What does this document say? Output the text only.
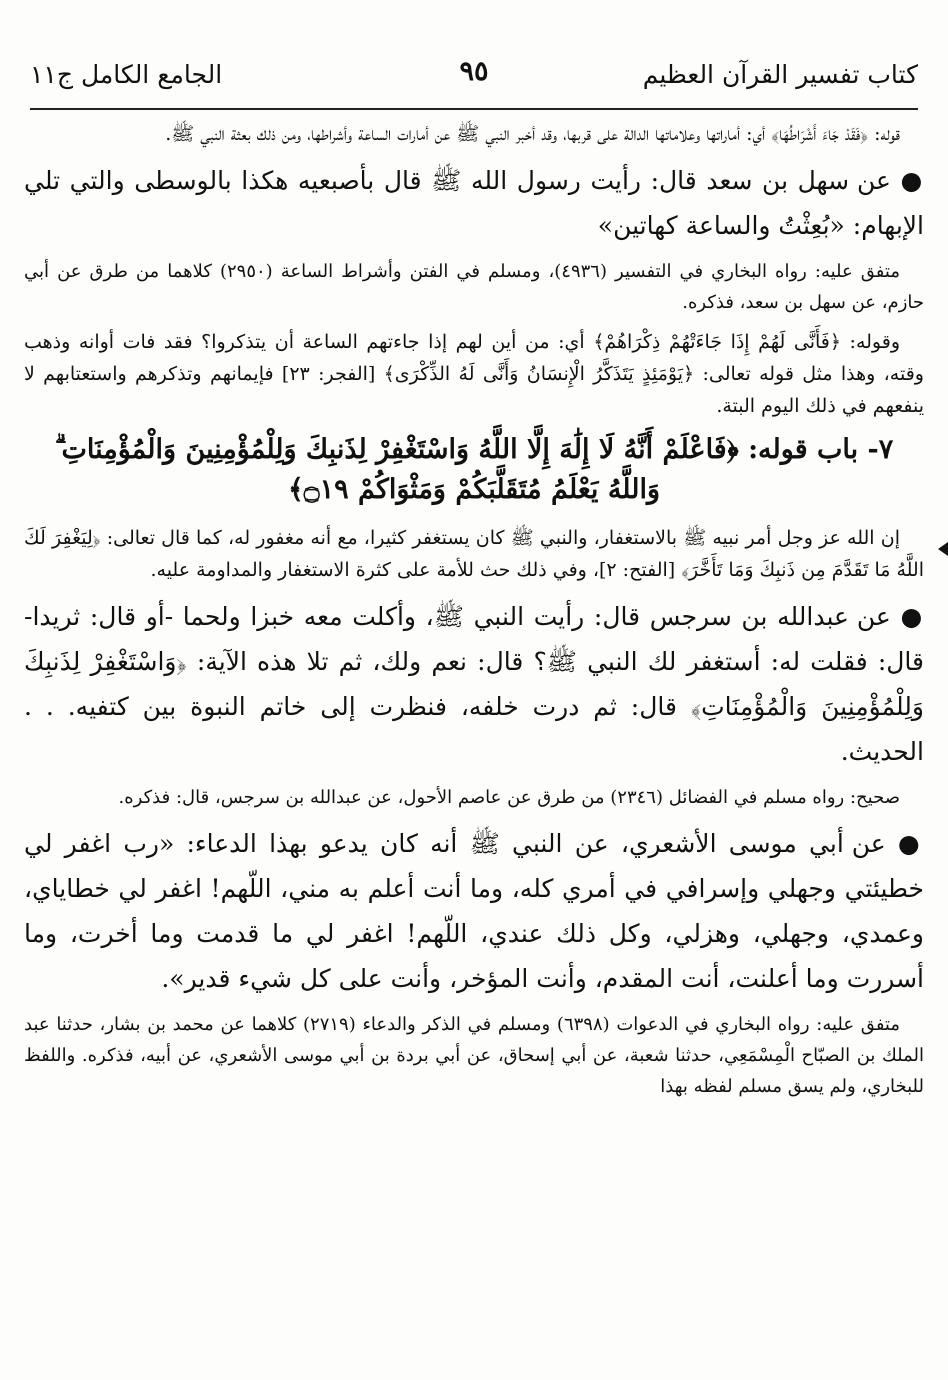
كتاب تفسير القرآن العظيم
٩٥
الجامع الكامل ج١١

قوله: ﴿فَقَدْ جَاءَ أَشْرَاطُهَا﴾ أي: أماراتها وعلاماتها الدالة على قربها، وقد أخبر النبي ﷺ عن أمارات الساعة وأشراطها، ومن ذلك بعثة النبي ﷺ.

● عن سهل بن سعد قال: رأيت رسول الله ﷺ قال بأصبعيه هكذا بالوسطى والتي تلي الإبهام: «بُعِثْتُ والساعة كهاتين»

متفق عليه: رواه البخاري في التفسير (٤٩٣٦)، ومسلم في الفتن وأشراط الساعة (٢٩٥٠) كلاهما من طرق عن أبي حازم، عن سهل بن سعد، فذكره.

وقوله: ﴿فَأَنَّى لَهُمْ إِذَا جَاءَتْهُمْ ذِكْرَاهُمْ﴾ أي: من أين لهم إذا جاءتهم الساعة أن يتذكروا؟ فقد فات أوانه وذهب وقته، وهذا مثل قوله تعالى: ﴿يَوْمَئِذٍ يَتَذَكَّرُ الْإِنسَانُ وَأَنَّى لَهُ الذِّكْرَى﴾ [الفجر: ٢٣] فإيمانهم وتذكرهم واستعتابهم لا ينفعهم في ذلك اليوم البتة.

٧- باب قوله: ﴿فَاعْلَمْ أَنَّهُ لَا إِلَٰهَ إِلَّا اللَّهُ وَاسْتَغْفِرْ لِذَنبِكَ وَلِلْمُؤْمِنِينَ وَالْمُؤْمِنَاتِ ۗ وَاللَّهُ يَعْلَمُ مُتَقَلَّبَكُمْ وَمَثْوَاكُمْ ۝١٩﴾

إن الله عز وجل أمر نبيه ﷺ بالاستغفار، والنبي ﷺ كان يستغفر كثيرا، مع أنه مغفور له، كما قال تعالى: ﴿لِيَغْفِرَ لَكَ اللَّهُ مَا تَقَدَّمَ مِن ذَنبِكَ وَمَا تَأَخَّرَ﴾ [الفتح: ٢]، وفي ذلك حث للأمة على كثرة الاستغفار والمداومة عليه.

● عن عبدالله بن سرجس قال: رأيت النبي ﷺ، وأكلت معه خبزا ولحما -أو قال: ثريدا- قال: فقلت له: أستغفر لك النبي ﷺ؟ قال: نعم ولك، ثم تلا هذه الآية: ﴿وَاسْتَغْفِرْ لِذَنبِكَ وَلِلْمُؤْمِنِينَ وَالْمُؤْمِنَاتِ﴾ قال: ثم درت خلفه، فنظرت إلى خاتم النبوة بين كتفيه. . . الحديث.

صحيح: رواه مسلم في الفضائل (٢٣٤٦) من طرق عن عاصم الأحول، عن عبدالله بن سرجس، قال: فذكره.

● عن أبي موسى الأشعري، عن النبي ﷺ أنه كان يدعو بهذا الدعاء: «رب اغفر لي خطيئتي وجهلي وإسرافي في أمري كله، وما أنت أعلم به مني، اللّهم! اغفر لي خطاياي، وعمدي، وجهلي، وهزلي، وكل ذلك عندي، اللّهم! اغفر لي ما قدمت وما أخرت، وما أسررت وما أعلنت، أنت المقدم، وأنت المؤخر، وأنت على كل شيء قدير».

متفق عليه: رواه البخاري في الدعوات (٦٣٩٨) ومسلم في الذكر والدعاء (٢٧١٩) كلاهما عن محمد بن بشار، حدثنا عبد الملك بن الصبّاح الْمِسْمَعِي، حدثنا شعبة، عن أبي إسحاق، عن أبي بردة بن أبي موسى الأشعري، عن أبيه، فذكره. واللفظ للبخاري، ولم يسق مسلم لفظه بهذا
